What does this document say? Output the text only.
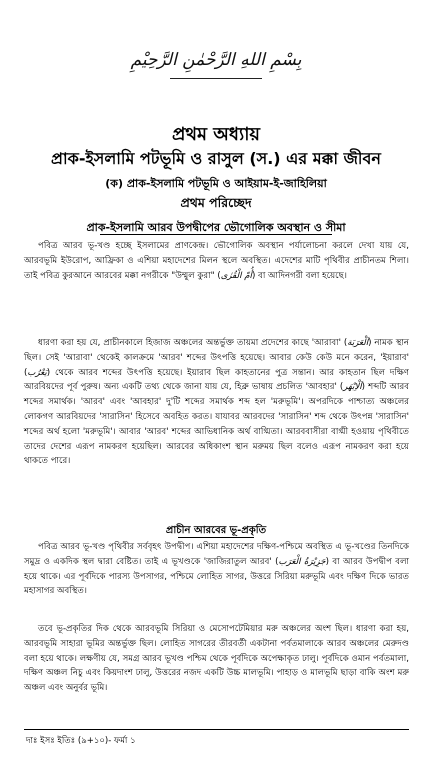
بِسْمِ اللهِ الرَّحْمٰنِ الرَّحِيْمِ
প্রথম অধ্যায়
প্রাক-ইসলামি পটভূমি ও রাসুল (স.) এর মক্কা জীবন
(ক) প্রাক-ইসলামি পটভূমি ও আইয়াম-ই-জাহিলিয়া
প্রথম পরিচ্ছেদ
প্রাক-ইসলামি আরব উপদ্বীপের ভৌগোলিক অবস্থান ও সীমা

পবিত্র আরব ভূ-খণ্ড হচ্ছে ইসলামের প্রাণকেন্দ্র। ভৌগোলিক অবস্থান পর্যালোচনা করলে দেখা যায় যে, আরবভূমি ইউরোপ, আফ্রিকা ও এশিয়া মহাদেশের মিলন স্থলে অবস্থিত। এদেশের মাটি পৃথিবীর প্রাচীনতম শিলা। তাই পবিত্র কুরআনে আরবের মক্কা নগরীকে "উম্মুল কুরা" (أُمّ الْقُرٰى) বা আদিনগরী বলা হয়েছে।

ধারণা করা হয় যে, প্রাচীনকালে হিজাজ অঞ্চলের অন্তর্ভুক্ত তায়মা প্রদেশের কাছে 'আরাবা' (اَلْعَرَبَة) নামক স্থান ছিল। সেই 'আরাবা' থেকেই কালক্রমে 'আরব' শব্দের উৎপত্তি হয়েছে। আবার কেউ কেউ মনে করেন, 'ইয়ারাব' (يَعْرُب) থেকে আরব শব্দের উৎপত্তি হয়েছে। ইয়ারাব ছিল কাহতানের পুত্র সন্তান। আর কাহতান ছিল দক্ষিণ আরবিয়দের পূর্ব পুরুষ। অন্য একটি তথ্য থেকে জানা যায় যে, হিব্রু ভাষায় প্রচলিত 'আবহার' (اَلْاِبْهَر) শব্দটি আরব শব্দের সমার্থক। 'আরব' এবং 'আবহার' দু'টি শব্দের সমার্থক শব্দ হল 'মরুভূমি'। অপরদিকে পাশ্চাত্য অঞ্চলের লোকগণ আরবিয়দের 'সারাসিন' হিসেবে অবহিত করত। যাযাবর আরবদের 'সারাসিন' শব্দ থেকে উৎপন্ন 'সারাসিন' শব্দের অর্থ হলো 'মরুভূমি'। আবার 'আরব' শব্দের আভিধানিক অর্থ বাগ্মিতা। আরববাসীরা বাগ্মী হওয়ায় পৃথিবীতে তাদের দেশের এরূপ নামকরণ হয়েছিল। আরবের অধিকাংশ স্থান মরুময় ছিল বলেও এরূপ নামকরণ করা হয়ে থাকতে পারে।

প্রাচীন আরবের ভূ-প্রকৃতি

পবিত্র আরব ভূ-খণ্ড পৃথিবীর সর্ববৃহৎ উপদ্বীপ। এশিয়া মহাদেশের দক্ষিণ-পশ্চিমে অবস্থিত এ ভূ-খণ্ডের তিনদিকে সমুদ্র ও একদিক স্থল দ্বারা বেষ্টিত। তাই এ ভূখণ্ডকে 'জাজিরাতুল আরব' (جَزِيْرَةُ الْعَرَب) বা আরব উপদ্বীপ বলা হয়ে থাকে। এর পূর্বদিকে পারস্য উপসাগর, পশ্চিমে লোহিত সাগর, উত্তরে সিরিয়া মরুভূমি এবং দক্ষিণ দিকে ভারত মহাসাগর অবস্থিত।

তবে ভূ-প্রকৃতির দিক থেকে আরবভূমি সিরিয়া ও মেসোপটেমিয়ার মরু অঞ্চলের অংশ ছিল। ধারণা করা হয়, আরবভূমি সাহারা ভূমির অন্তর্ভুক্ত ছিল। লোহিত সাগরের তীরবর্তী একটানা পর্বতমালাকে আরব অঞ্চলের মেরুদণ্ড বলা হয়ে থাকে। লক্ষণীয় যে, সমগ্র আরব ভূখণ্ড পশ্চিম থেকে পূর্বদিকে অপেক্ষাকৃত ঢালু। পূর্বদিকে ওমান পর্বতমালা, দক্ষিণ অঞ্চল নিচু এবং কিয়দাংশ ঢালু, উত্তরের নজদ একটি উচ্চ মালভূমি। পাহাড় ও মালভূমি ছাড়া বাকি অংশ মরু অঞ্চল এবং অনুর্বর ভূমি।

দাঃ ইসঃ ইতিঃ (৯+১০)- ফর্মা ১
